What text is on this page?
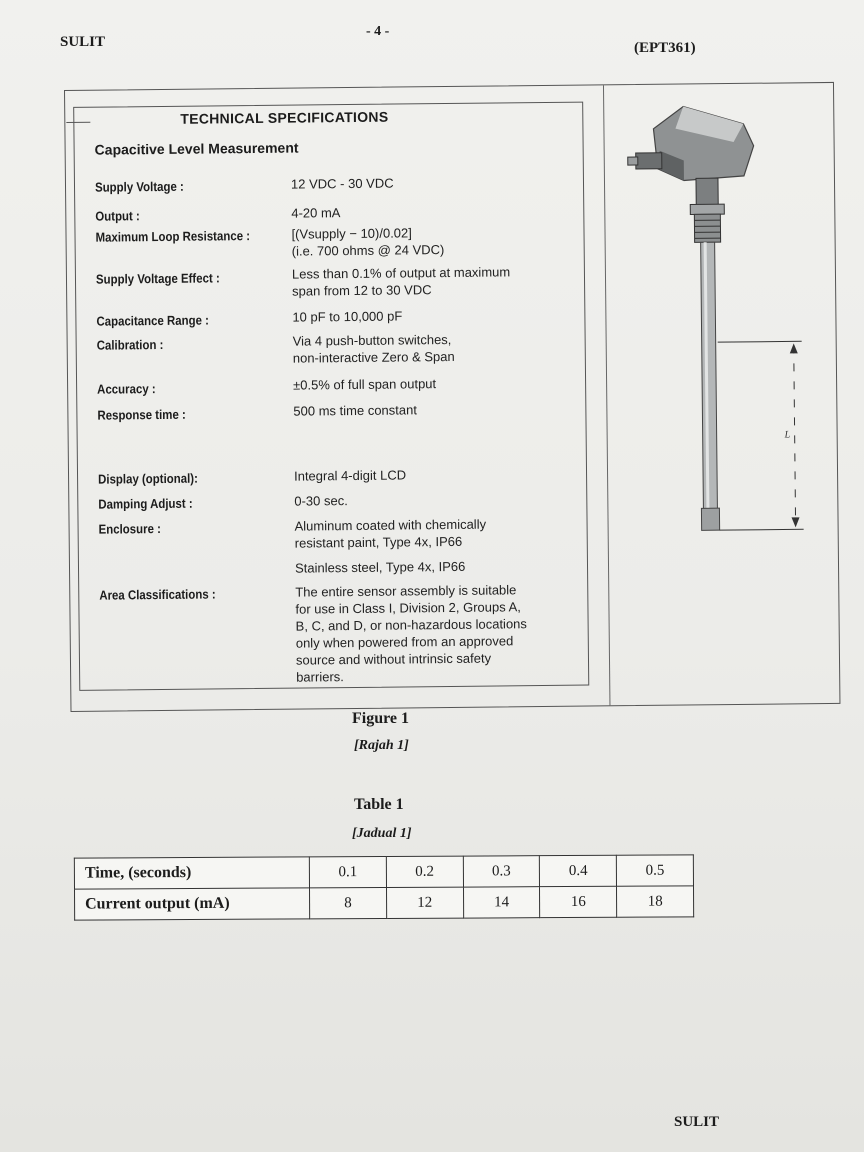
SULIT
- 4 -
(EPT361)
TECHNICAL SPECIFICATIONS
Capacitive Level Measurement
Supply Voltage :	12 VDC - 30 VDC
Output :	4-20 mA
Maximum Loop Resistance :	[(Vsupply − 10)/0.02]
(i.e. 700 ohms @ 24 VDC)
Supply Voltage Effect :	Less than 0.1% of output at maximum
span from 12 to 30 VDC
Capacitance Range :	10 pF to 10,000 pF
Calibration :	Via 4 push-button switches,
non-interactive Zero & Span
Accuracy :	±0.5% of full span output
Response time :	500 ms time constant
Display (optional):	Integral 4-digit LCD
Damping Adjust :	0-30 sec.
Enclosure :	Aluminum coated with chemically
resistant paint, Type 4x, IP66
Stainless steel, Type 4x, IP66
Area Classifications :	The entire sensor assembly is suitable
for use in Class I, Division 2, Groups A,
B, C, and D, or non-hazardous locations
only when powered from an approved
source and without intrinsic safety
barriers.
L
Figure 1
[Rajah 1]
Table 1
[Jadual 1]
Time, (seconds)	0.1	0.2	0.3	0.4	0.5
Current output (mA)	8	12	14	16	18
SULIT
